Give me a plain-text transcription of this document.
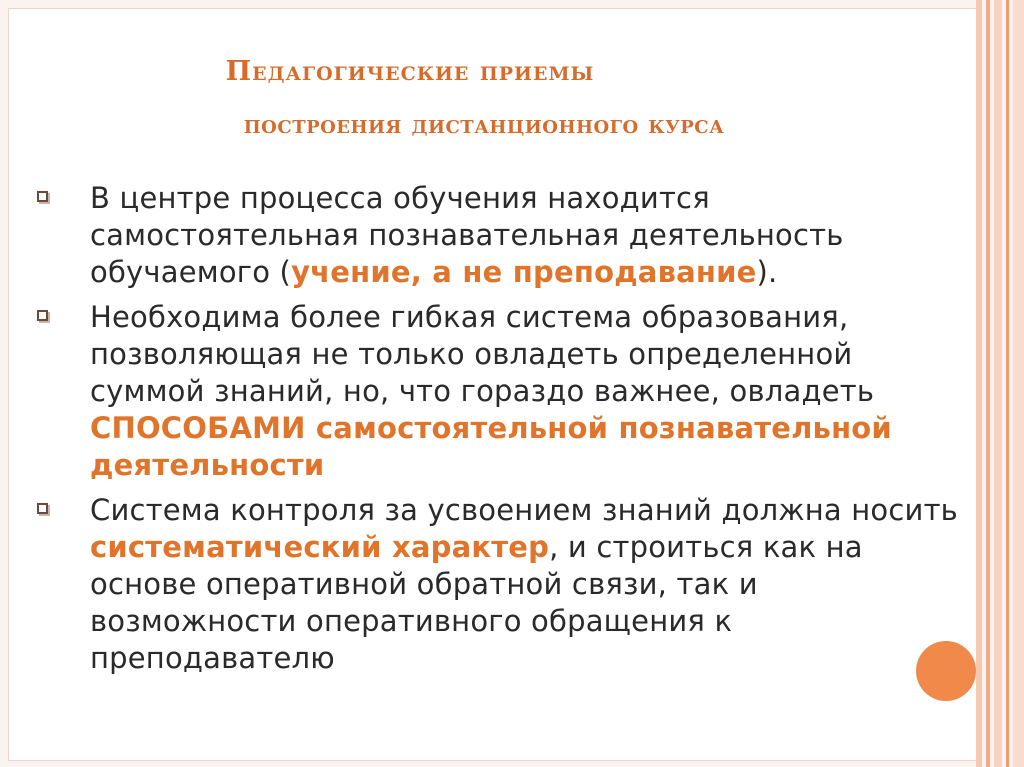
Педагогические приемы
построения дистанционного курса
В центре процесса обучения находится самостоятельная познавательная деятельность обучаемого (учение, а не преподавание).
Необходима более гибкая система образования, позволяющая не только овладеть определенной суммой знаний, но, что гораздо важнее, овладеть СПОСОБАМИ самостоятельной познавательной деятельности
Система контроля за усвоением знаний должна носить систематический характер, и строиться как на основе оперативной обратной связи, так и возможности оперативного обращения к преподавателю
